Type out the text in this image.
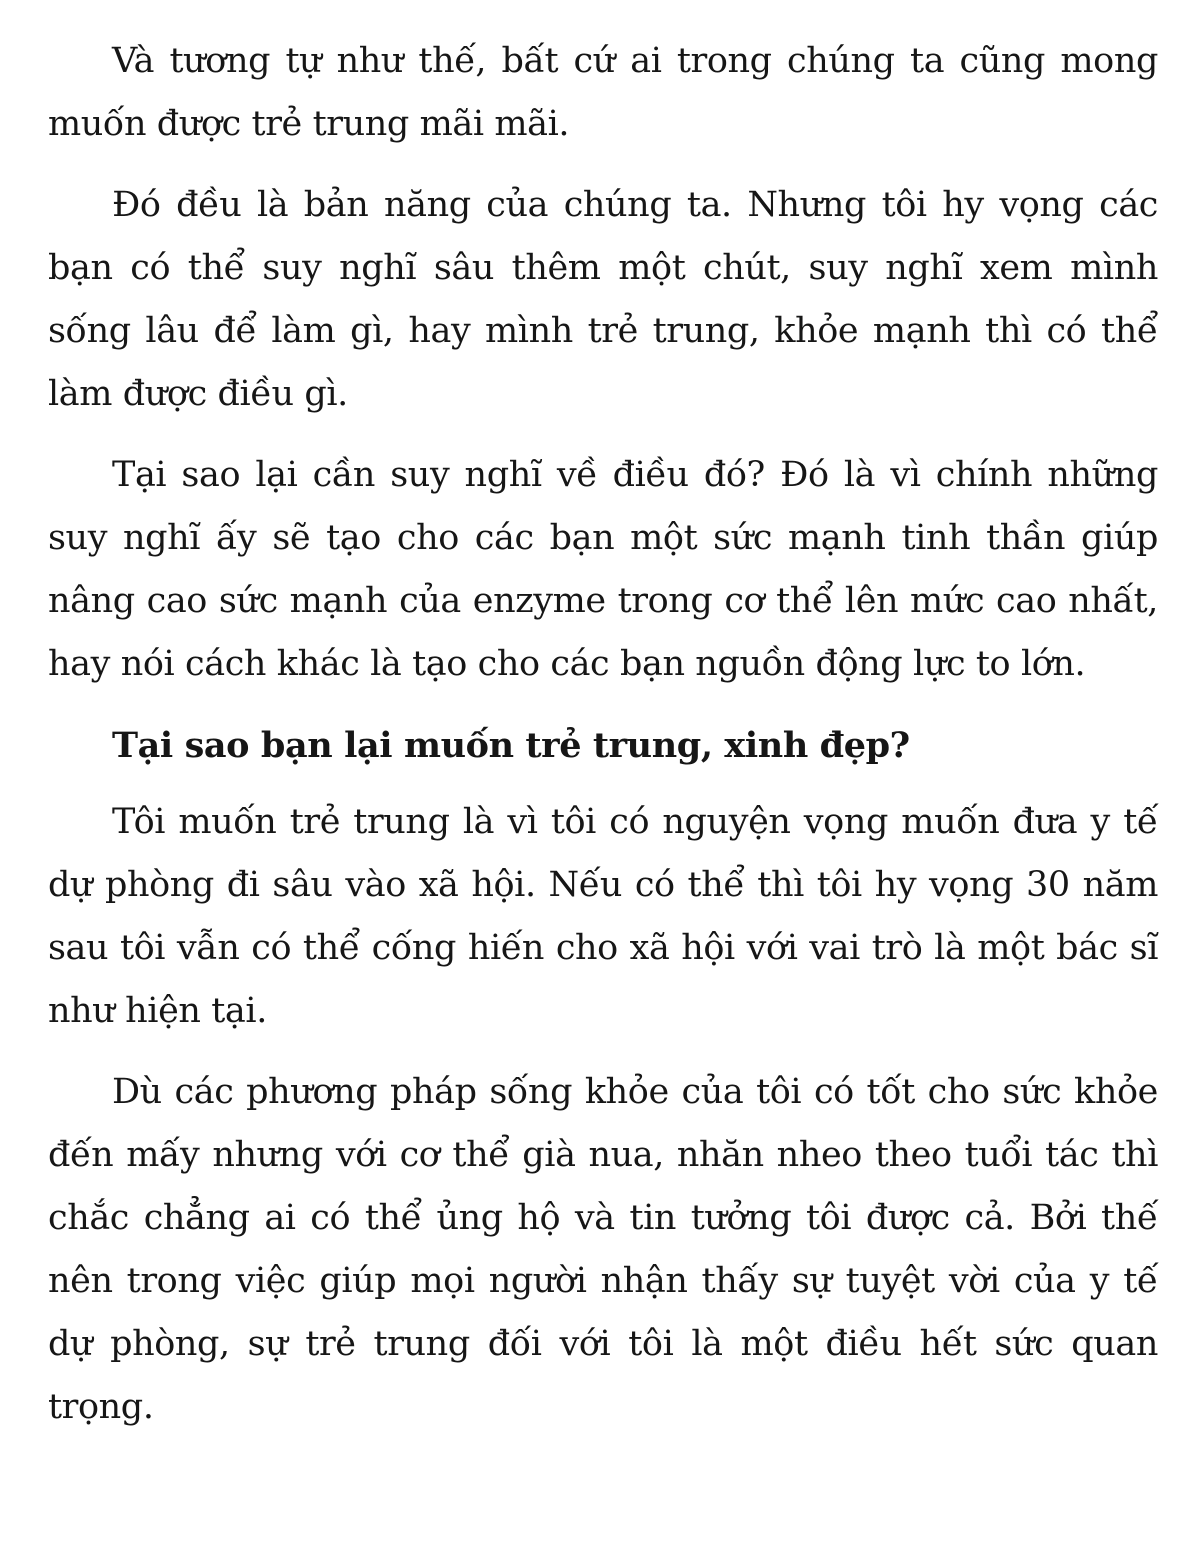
Và tương tự như thế, bất cứ ai trong chúng ta cũng mong muốn được trẻ trung mãi mãi.

Đó đều là bản năng của chúng ta. Nhưng tôi hy vọng các bạn có thể suy nghĩ sâu thêm một chút, suy nghĩ xem mình sống lâu để làm gì, hay mình trẻ trung, khỏe mạnh thì có thể làm được điều gì.

Tại sao lại cần suy nghĩ về điều đó? Đó là vì chính những suy nghĩ ấy sẽ tạo cho các bạn một sức mạnh tinh thần giúp nâng cao sức mạnh của enzyme trong cơ thể lên mức cao nhất, hay nói cách khác là tạo cho các bạn nguồn động lực to lớn.

Tại sao bạn lại muốn trẻ trung, xinh đẹp?

Tôi muốn trẻ trung là vì tôi có nguyện vọng muốn đưa y tế dự phòng đi sâu vào xã hội. Nếu có thể thì tôi hy vọng 30 năm sau tôi vẫn có thể cống hiến cho xã hội với vai trò là một bác sĩ như hiện tại.

Dù các phương pháp sống khỏe của tôi có tốt cho sức khỏe đến mấy nhưng với cơ thể già nua, nhăn nheo theo tuổi tác thì chắc chẳng ai có thể ủng hộ và tin tưởng tôi được cả. Bởi thế nên trong việc giúp mọi người nhận thấy sự tuyệt vời của y tế dự phòng, sự trẻ trung đối với tôi là một điều hết sức quan trọng.
